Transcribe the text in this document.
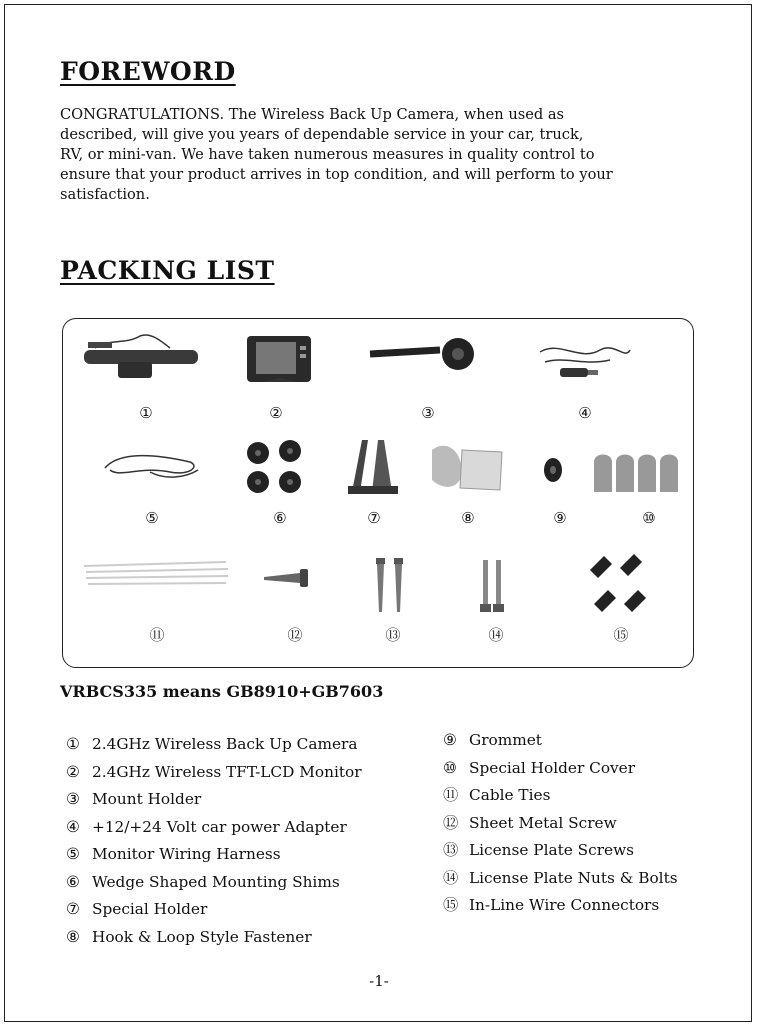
FOREWORD
CONGRATULATIONS. The Wireless Back Up Camera, when used as
described, will give you years of dependable service in your car, truck,
RV, or mini-van. We have taken numerous measures in quality control to
ensure that your product arrives in top condition, and will perform to your
satisfaction.
PACKING LIST
①	②	③	④
⑤	⑥	⑦	⑧	⑨	⑩
⑪	⑫	⑬	⑭	⑮
VRBCS335 means GB8910+GB7603
① 2.4GHz Wireless Back Up Camera
② 2.4GHz Wireless TFT-LCD Monitor
③ Mount Holder
④ +12/+24 Volt car power Adapter
⑤ Monitor Wiring Harness
⑥ Wedge Shaped Mounting Shims
⑦ Special Holder
⑧ Hook & Loop Style Fastener
⑨ Grommet
⑩ Special Holder Cover
⑪ Cable Ties
⑫ Sheet Metal Screw
⑬ License Plate Screws
⑭ License Plate Nuts & Bolts
⑮ In-Line Wire Connectors
-1-
